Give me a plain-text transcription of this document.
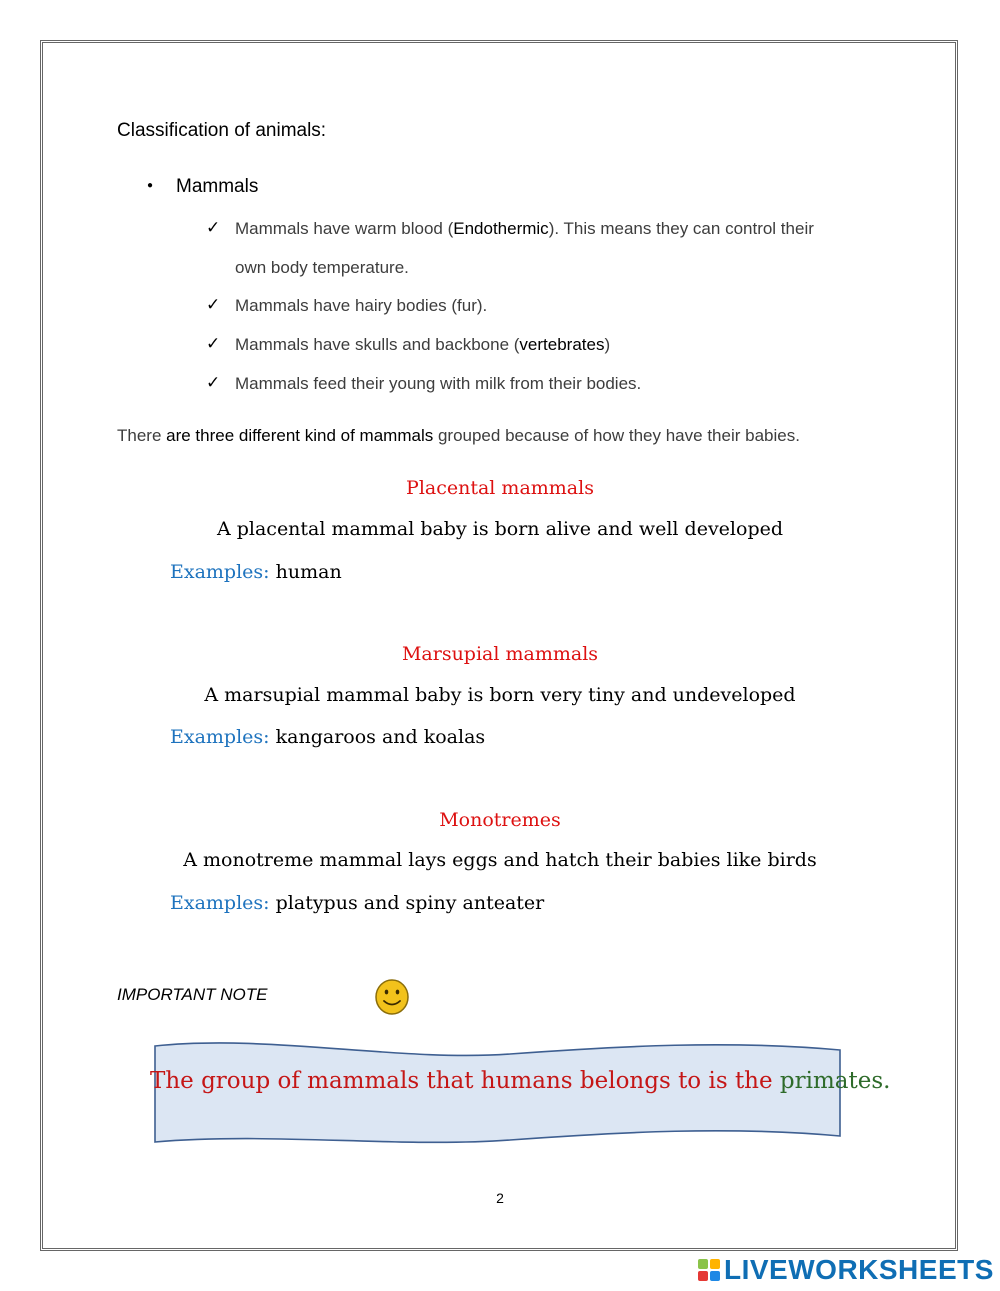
Classification of animals:
● Mammals
✓ Mammals have warm blood (Endothermic). This means they can control their
own body temperature.
✓ Mammals have hairy bodies (fur).
✓ Mammals have skulls and backbone (vertebrates)
✓ Mammals feed their young with milk from their bodies.
There are three different kind of mammals grouped because of how they have their babies.
Placental mammals
A placental mammal baby is born alive and well developed
Examples: human
Marsupial mammals
A marsupial mammal baby is born very tiny and undeveloped
Examples: kangaroos and koalas
Monotremes
A monotreme mammal lays eggs and hatch their babies like birds
Examples: platypus and spiny anteater
IMPORTANT NOTE
The group of mammals that humans belongs to is the primates.
2
LIVEWORKSHEETS
